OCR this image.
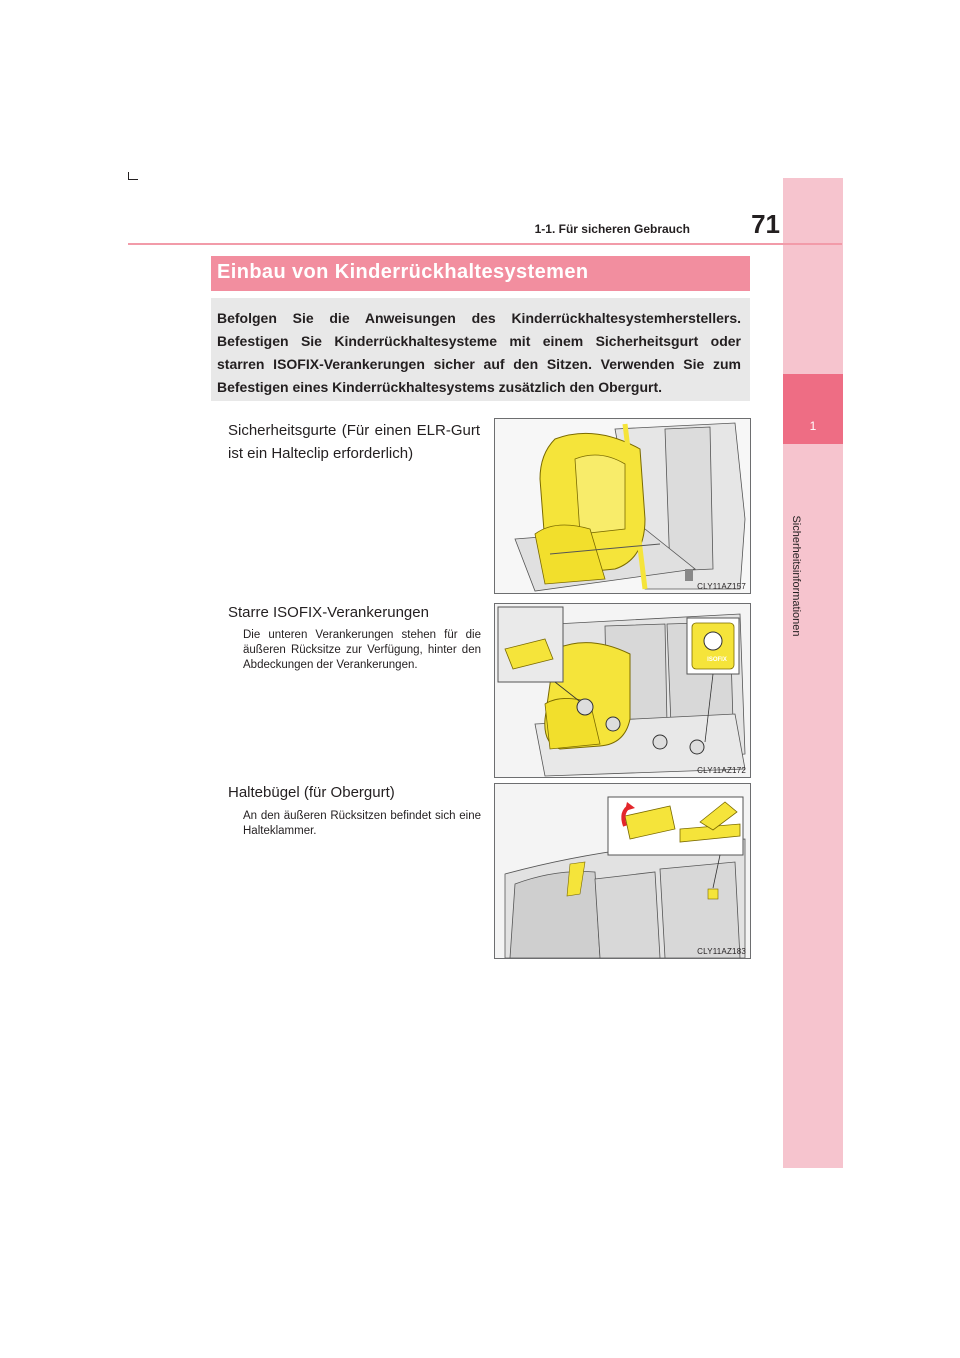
1
Sicherheitsinformationen
1-1. Für sicheren Gebrauch	71
Einbau von Kinderrückhaltesystemen

Befolgen Sie die Anweisungen des Kinderrückhaltesystemherstellers. Befestigen Sie Kinderrückhaltesysteme mit einem Sicherheitsgurt oder starren ISOFIX-Verankerungen sicher auf den Sitzen. Verwenden Sie zum Befestigen eines Kinderrückhaltesystems zusätzlich den Obergurt.

Sicherheitsgurte (Für einen ELR-Gurt ist ein Halteclip erforderlich)
CLY11AZ157
Starre ISOFIX-Verankerungen
Die unteren Verankerungen stehen für die äußeren Rücksitze zur Verfügung, hinter den Abdeckungen der Verankerungen.	ISOFIX
CLY11AZ172
Haltebügel (für Obergurt)
An den äußeren Rücksitzen befindet sich eine Halteklammer.
CLY11AZ183
